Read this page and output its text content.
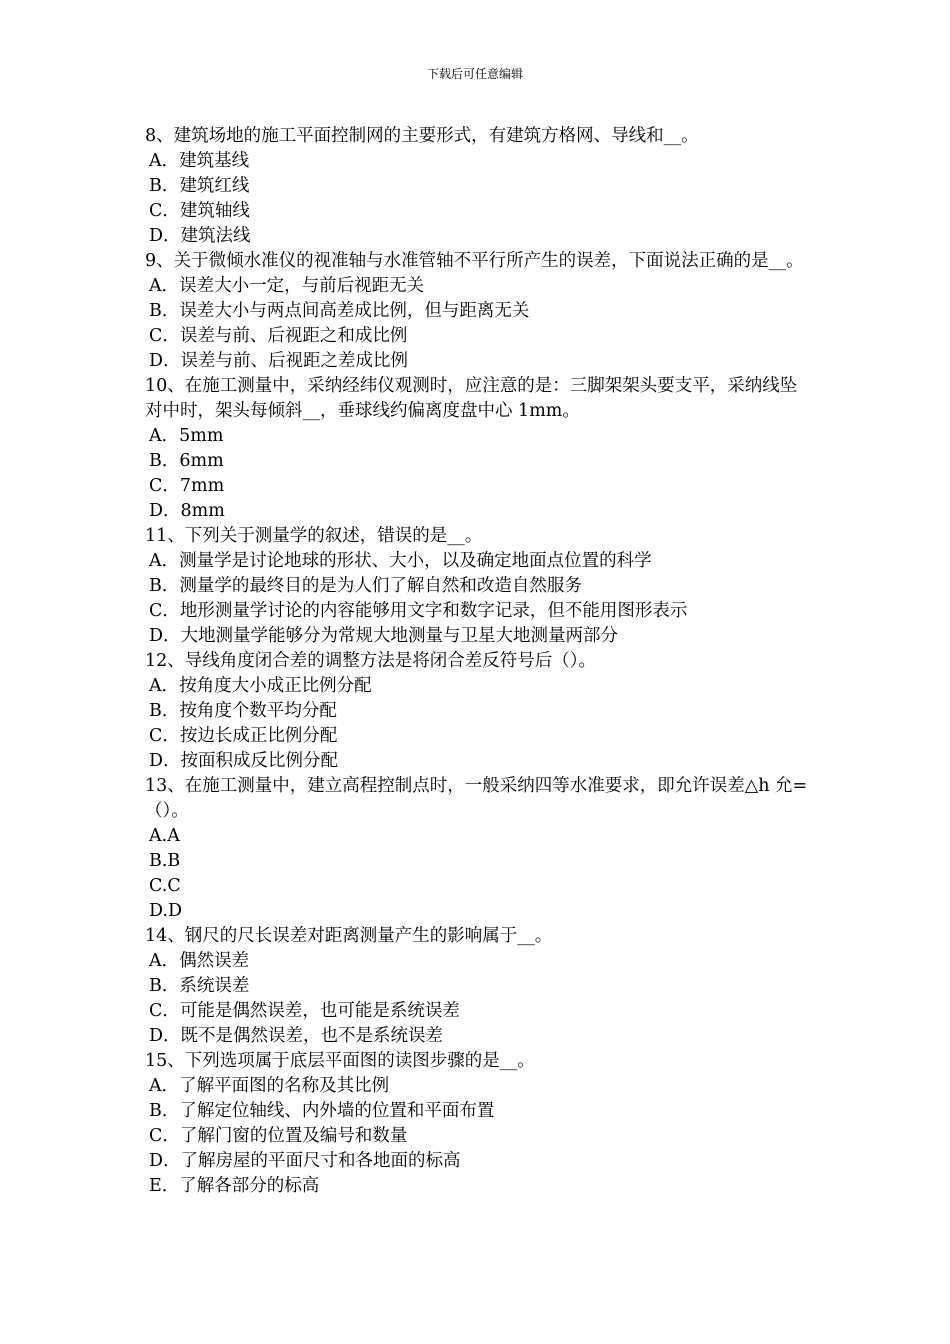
下载后可任意编辑
8、建筑场地的施工平面控制网的主要形式，有建筑方格网、导线和__。
A．建筑基线
B．建筑红线
C．建筑轴线
D．建筑法线
9、关于微倾水准仪的视准轴与水准管轴不平行所产生的误差，下面说法正确的是__。
A．误差大小一定，与前后视距无关
B．误差大小与两点间高差成比例，但与距离无关
C．误差与前、后视距之和成比例
D．误差与前、后视距之差成比例
10、在施工测量中，采纳经纬仪观测时，应注意的是：三脚架架头要支平，采纳线坠对中时，架头每倾斜__，垂球线约偏离度盘中心 1mm。
A．5mm
B．6mm
C．7mm
D．8mm
11、下列关于测量学的叙述，错误的是__。
A．测量学是讨论地球的形状、大小，以及确定地面点位置的科学
B．测量学的最终目的是为人们了解自然和改造自然服务
C．地形测量学讨论的内容能够用文字和数字记录，但不能用图形表示
D．大地测量学能够分为常规大地测量与卫星大地测量两部分
12、导线角度闭合差的调整方法是将闭合差反符号后（）。
A．按角度大小成正比例分配
B．按角度个数平均分配
C．按边长成正比例分配
D．按面积成反比例分配
13、在施工测量中，建立高程控制点时，一般采纳四等水准要求，即允许误差△h 允=（）。
A.A
B.B
C.C
D.D
14、钢尺的尺长误差对距离测量产生的影响属于__。
A．偶然误差
B．系统误差
C．可能是偶然误差，也可能是系统误差
D．既不是偶然误差，也不是系统误差
15、下列选项属于底层平面图的读图步骤的是__。
A．了解平面图的名称及其比例
B．了解定位轴线、内外墙的位置和平面布置
C．了解门窗的位置及编号和数量
D．了解房屋的平面尺寸和各地面的标高
E．了解各部分的标高
